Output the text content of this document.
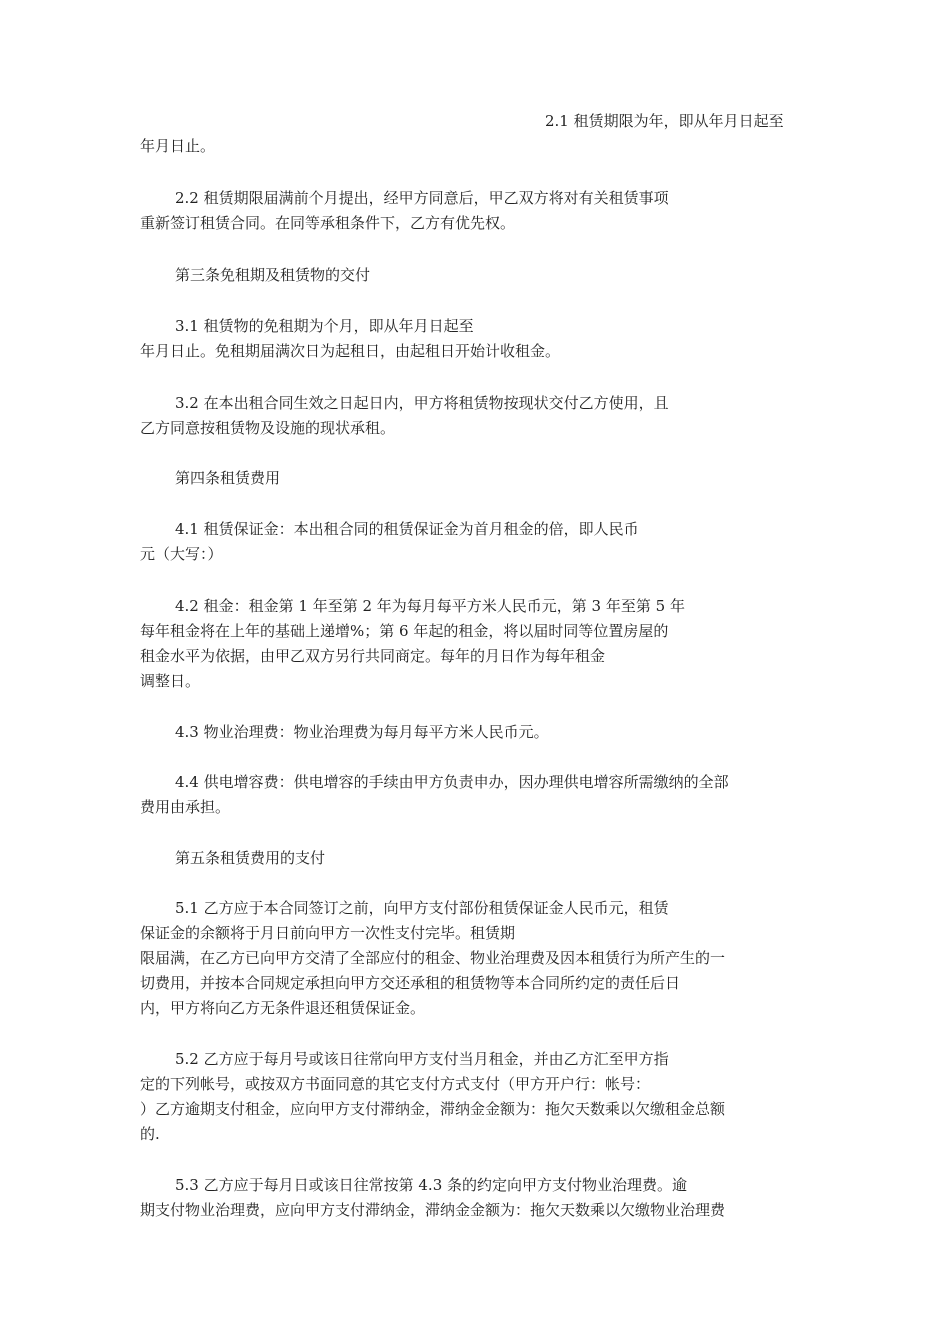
2.1 租赁期限为年，即从年月日起至

年月日止。

2.2 租赁期限届满前个月提出，经甲方同意后，甲乙双方将对有关租赁事项

重新签订租赁合同。在同等承租条件下，乙方有优先权。

第三条免租期及租赁物的交付

3.1 租赁物的免租期为个月，即从年月日起至

年月日止。免租期届满次日为起租日，由起租日开始计收租金。

3.2 在本出租合同生效之日起日内，甲方将租赁物按现状交付乙方使用，且

乙方同意按租赁物及设施的现状承租。

第四条租赁费用

4.1 租赁保证金：本出租合同的租赁保证金为首月租金的倍，即人民币

元（大写：）

4.2 租金：租金第 1 年至第 2 年为每月每平方米人民币元，第 3 年至第 5 年

每年租金将在上年的基础上递增%；第 6 年起的租金，将以届时同等位置房屋的

租金水平为依据，由甲乙双方另行共同商定。每年的月日作为每年租金

调整日。

4.3 物业治理费：物业治理费为每月每平方米人民币元。

4.4 供电增容费：供电增容的手续由甲方负责申办，因办理供电增容所需缴纳的全部

费用由承担。

第五条租赁费用的支付

5.1 乙方应于本合同签订之前，向甲方支付部份租赁保证金人民币元，租赁

保证金的余额将于月日前向甲方一次性支付完毕。租赁期

限届满，在乙方已向甲方交清了全部应付的租金、物业治理费及因本租赁行为所产生的一

切费用，并按本合同规定承担向甲方交还承租的租赁物等本合同所约定的责任后日

内，甲方将向乙方无条件退还租赁保证金。

5.2 乙方应于每月号或该日往常向甲方支付当月租金，并由乙方汇至甲方指

定的下列帐号，或按双方书面同意的其它支付方式支付（甲方开户行：帐号：

）乙方逾期支付租金，应向甲方支付滞纳金，滞纳金金额为：拖欠天数乘以欠缴租金总额

的.

5.3 乙方应于每月日或该日往常按第 4.3 条的约定向甲方支付物业治理费。逾

期支付物业治理费，应向甲方支付滞纳金，滞纳金金额为：拖欠天数乘以欠缴物业治理费
